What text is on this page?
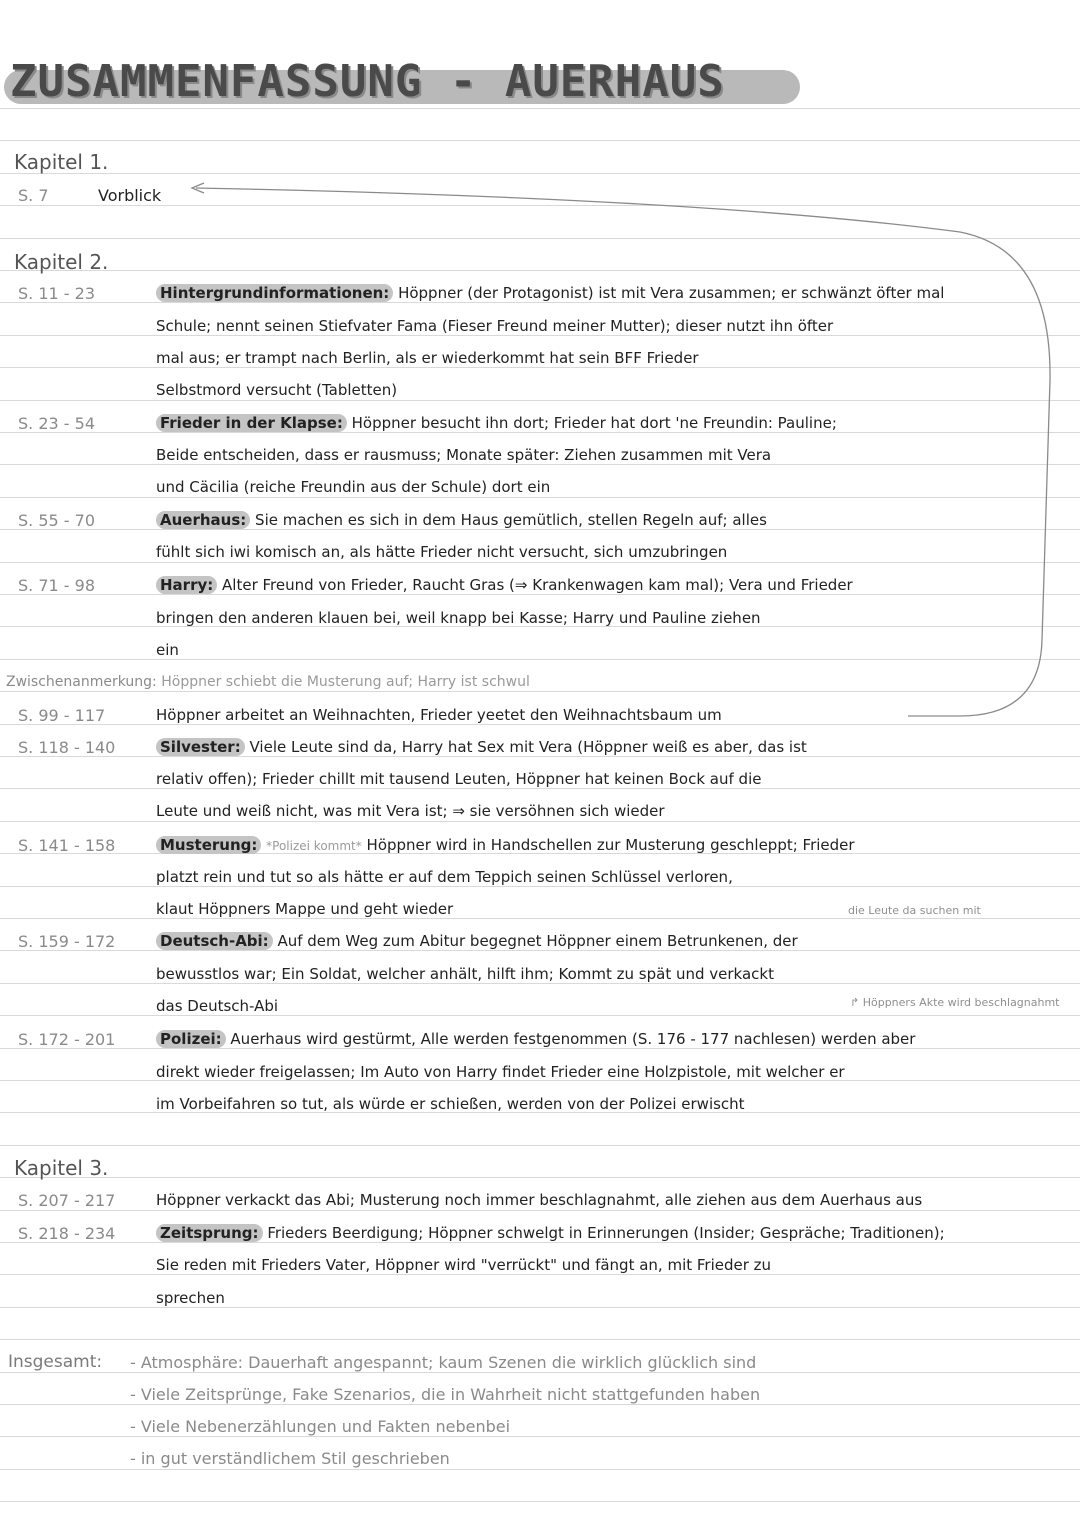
ZUSAMMENFASSUNG - AUERHAUS
Kapitel 1.
S. 7	Vorblick
Kapitel 2.
S. 11 - 23	Hintergrundinformationen: Höppner (der Protagonist) ist mit Vera zusammen; er schwänzt öfter mal
Schule; nennt seinen Stiefvater Fama (Fieser Freund meiner Mutter); dieser nutzt ihn öfter
mal aus; er trampt nach Berlin, als er wiederkommt hat sein BFF Frieder
Selbstmord versucht (Tabletten)
S. 23 - 54	Frieder in der Klapse: Höppner besucht ihn dort; Frieder hat dort 'ne Freundin: Pauline;
Beide entscheiden, dass er rausmuss; Monate später: Ziehen zusammen mit Vera
und Cäcilia (reiche Freundin aus der Schule) dort ein
S. 55 - 70	Auerhaus: Sie machen es sich in dem Haus gemütlich, stellen Regeln auf; alles
fühlt sich iwi komisch an, als hätte Frieder nicht versucht, sich umzubringen
S. 71 - 98	Harry: Alter Freund von Frieder, Raucht Gras (⇒ Krankenwagen kam mal); Vera und Frieder
bringen den anderen klauen bei, weil knapp bei Kasse; Harry und Pauline ziehen
ein
Zwischenanmerkung: Höppner schiebt die Musterung auf; Harry ist schwul
S. 99 - 117	Höppner arbeitet an Weihnachten, Frieder yeetet den Weihnachtsbaum um
S. 118 - 140	Silvester: Viele Leute sind da, Harry hat Sex mit Vera (Höppner weiß es aber, das ist
relativ offen); Frieder chillt mit tausend Leuten, Höppner hat keinen Bock auf die
Leute und weiß nicht, was mit Vera ist; ⇒ sie versöhnen sich wieder
S. 141 - 158	Musterung: *Polizei kommt* Höppner wird in Handschellen zur Musterung geschleppt; Frieder
platzt rein und tut so als hätte er auf dem Teppich seinen Schlüssel verloren,
klaut Höppners Mappe und geht wieder	die Leute da suchen mit
S. 159 - 172	Deutsch-Abi: Auf dem Weg zum Abitur begegnet Höppner einem Betrunkenen, der
bewusstlos war; Ein Soldat, welcher anhält, hilft ihm; Kommt zu spät und verkackt
das Deutsch-Abi	↱ Höppners Akte wird beschlagnahmt
S. 172 - 201	Polizei: Auerhaus wird gestürmt, Alle werden festgenommen (S. 176 - 177 nachlesen) werden aber
direkt wieder freigelassen; Im Auto von Harry findet Frieder eine Holzpistole, mit welcher er
im Vorbeifahren so tut, als würde er schießen, werden von der Polizei erwischt
Kapitel 3.
S. 207 - 217	Höppner verkackt das Abi; Musterung noch immer beschlagnahmt, alle ziehen aus dem Auerhaus aus
S. 218 - 234	Zeitsprung: Frieders Beerdigung; Höppner schwelgt in Erinnerungen (Insider; Gespräche; Traditionen);
Sie reden mit Frieders Vater, Höppner wird "verrückt" und fängt an, mit Frieder zu
sprechen
Insgesamt: - Atmosphäre: Dauerhaft angespannt; kaum Szenen die wirklich glücklich sind
- Viele Zeitsprünge, Fake Szenarios, die in Wahrheit nicht stattgefunden haben
- Viele Nebenerzählungen und Fakten nebenbei
- in gut verständlichem Stil geschrieben
